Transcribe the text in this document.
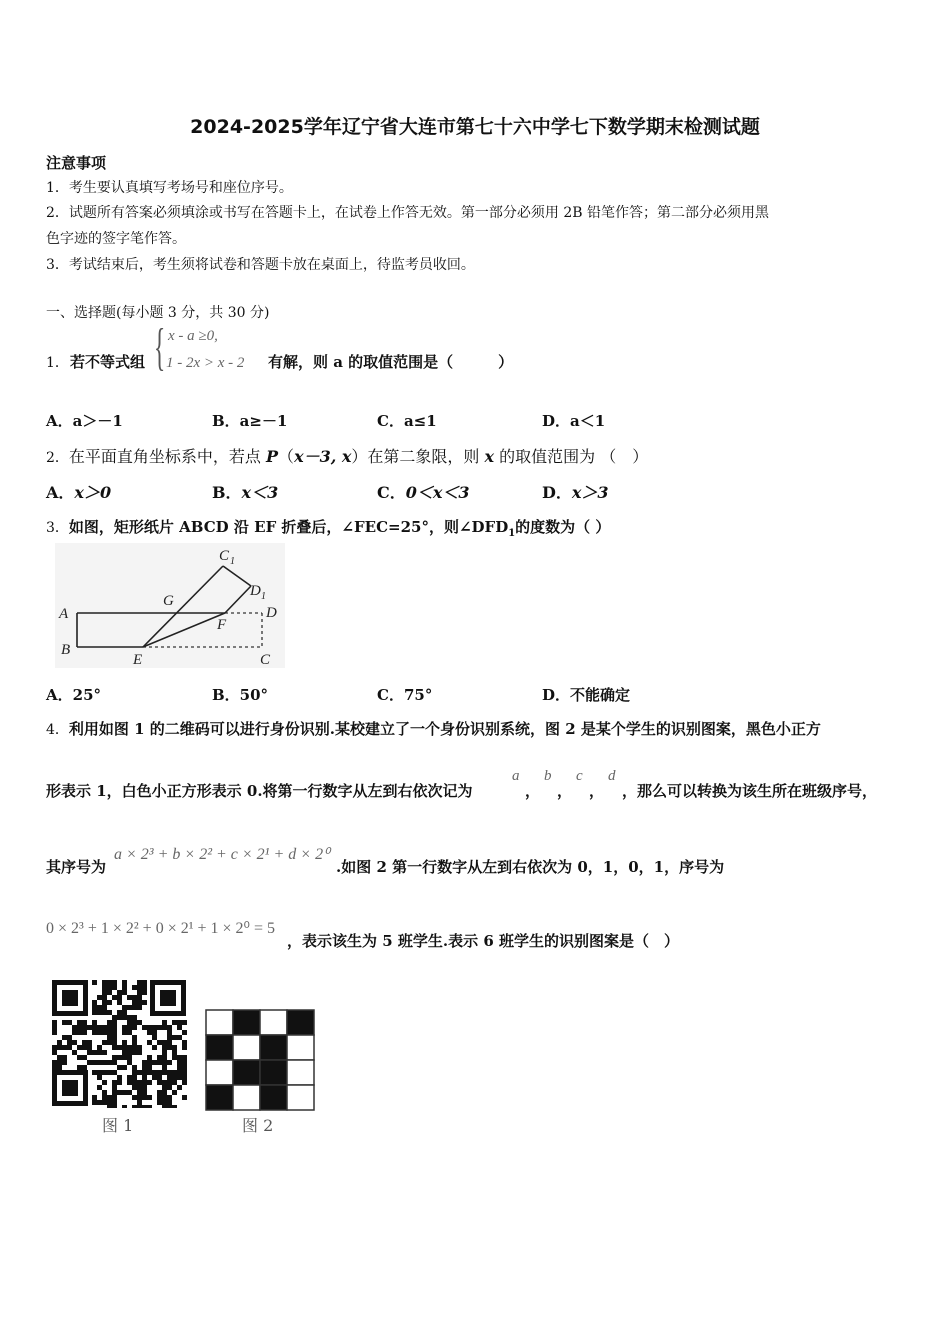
2024-2025学年辽宁省大连市第七十六中学七下数学期末检测试题
注意事项
1．考生要认真填写考场号和座位序号。
2．试题所有答案必须填涂或书写在答题卡上，在试卷上作答无效。第一部分必须用 2B 铅笔作答；第二部分必须用黑
色字迹的签字笔作答。
3．考试结束后，考生须将试卷和答题卡放在桌面上，待监考员收回。
一、选择题(每小题 3 分，共 30 分)
1． 若不等式组 { x - a ≥0,
1 - 2x > x - 2 有解，则 a 的取值范围是（　　　）
A．a＞－1	B．a≥－1	C．a≤1	D．a＜1
2．在平面直角坐标系中，若点 P（x－3, x）在第二象限，则 x 的取值范围为 （　）
A．x＞0	B．x＜3	C．0＜x＜3	D．x＞3
3．如图，矩形纸片 ABCD 沿 EF 折叠后，∠FEC=25°，则$\angle DFD_1$的度数为（ ）
A
B
E	C
D
F
G
C 1
D 1
A．25°	B．50°	C．75°	D．不能确定
4．利用如图 1 的二维码可以进行身份识别.某校建立了一个身份识别系统，图 2 是某个学生的识别图案，黑色小正方
形表示 1，白色小正方形表示 0.将第一行数字从左到右依次记为
a
，
b
，
c
，
d
，那么可以转换为该生所在班级序号，
其序号为
a × 2³ + b × 2² + c × 2¹ + d × 2⁰
.如图 2 第一行数字从左到右依次为 0，1，0，1，序号为
0 × 2³ + 1 × 2² + 0 × 2¹ + 1 × 2⁰ = 5
，表示该生为 5 班学生.表示 6 班学生的识别图案是（　）
图 1	图 2
